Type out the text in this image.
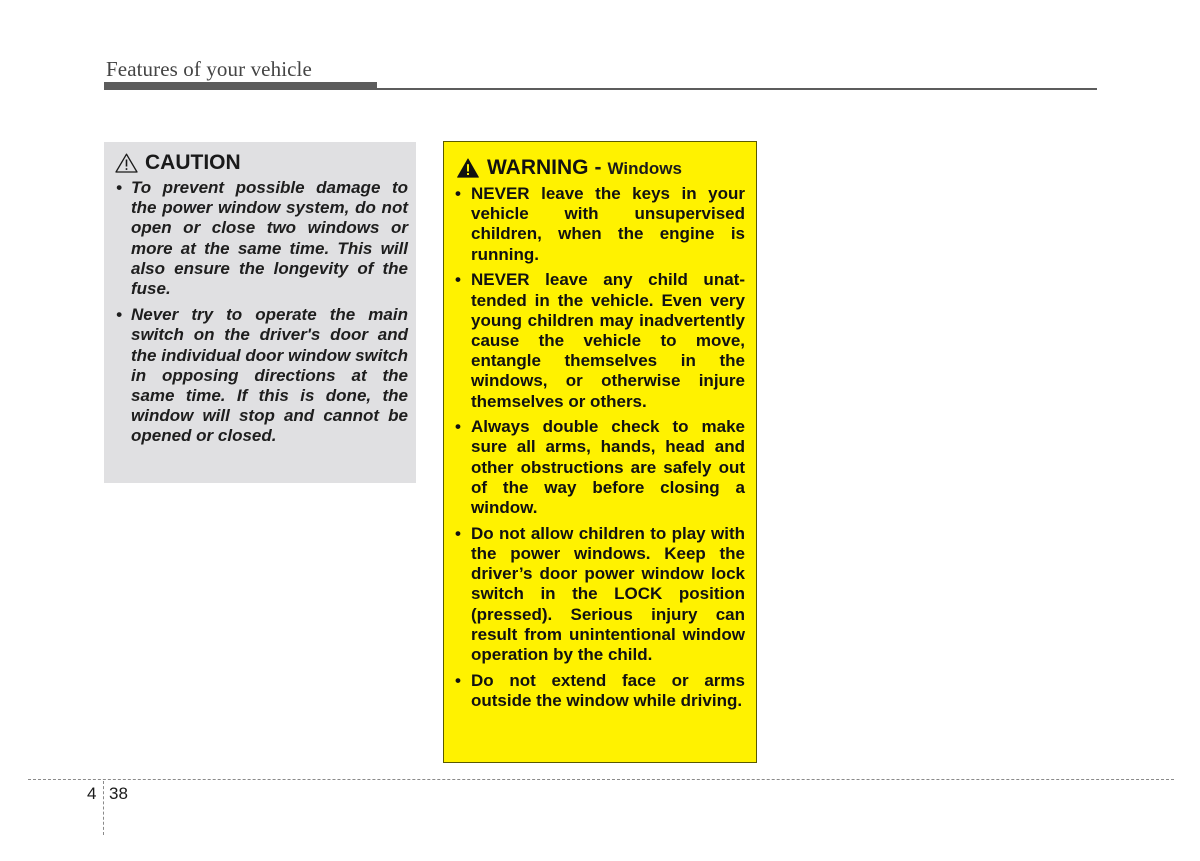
Features of your vehicle
CAUTION
• To prevent possible damage to the power window system, do not open or close two windows or more at the same time. This will also ensure the longevity of the fuse.
• Never try to operate the main switch on the driver's door and the individual door window switch in opposing directions at the same time. If this is done, the window will stop and cannot be opened or closed.
WARNING - Windows
• NEVER leave the keys in your vehicle with unsupervised children, when the engine is running.
• NEVER leave any child unattended in the vehicle. Even very young children may inadvertently cause the vehicle to move, entangle themselves in the windows, or otherwise injure themselves or others.
• Always double check to make sure all arms, hands, head and other obstructions are safely out of the way before closing a window.
• Do not allow children to play with the power windows. Keep the driver’s door power window lock switch in the LOCK position (pressed). Serious injury can result from unintentional window operation by the child.
• Do not extend face or arms outside the window while driving.
4 38
